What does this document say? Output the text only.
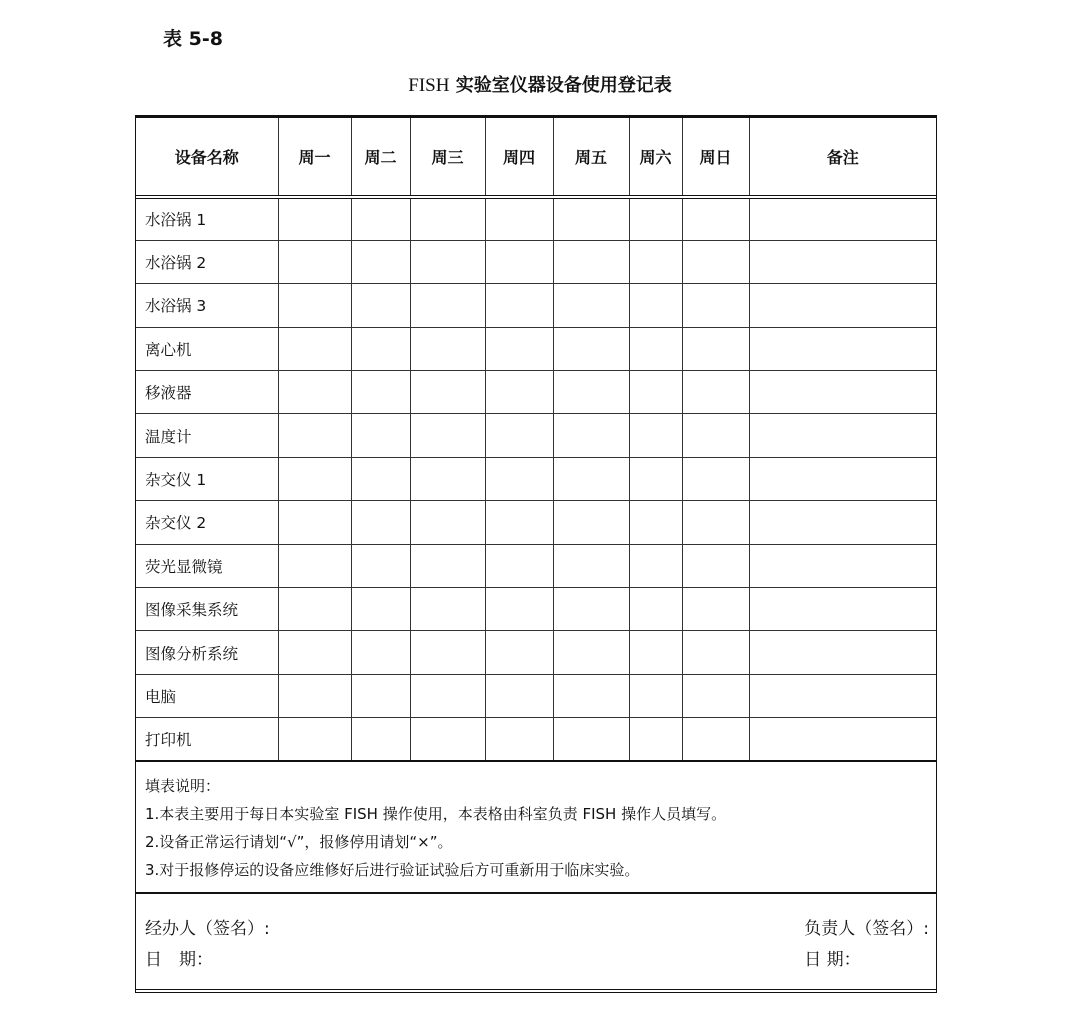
表 5-8
FISH 实验室仪器设备使用登记表
设备名称	周一	周二	周三	周四	周五	周六	周日	备注
水浴锅 1								
水浴锅 2								
水浴锅 3								
离心机								
移液器								
温度计								
杂交仪 1								
杂交仪 2								
荧光显微镜								
图像采集系统								
图像分析系统								
电脑								
打印机								
填表说明：
1.本表主要用于每日本实验室 FISH 操作使用，本表格由科室负责 FISH 操作人员填写。
2.设备正常运行请划“√”，报修停用请划“×”。
3.对于报修停运的设备应维修好后进行验证试验后方可重新用于临床实验。
经办人（签名）:
日　期：
负责人（签名）:
日 期：
